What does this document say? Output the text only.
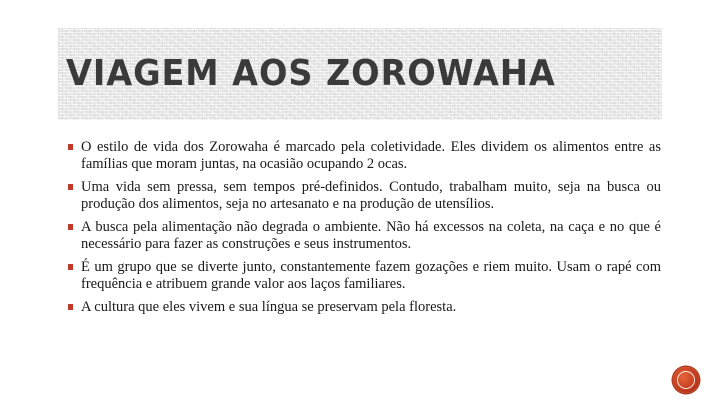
VIAGEM AOS ZOROWAHA
O estilo de vida dos Zorowaha é marcado pela coletividade. Eles dividem os alimentos entre as famílias que moram juntas, na ocasião ocupando 2 ocas.
Uma vida sem pressa, sem tempos pré-definidos. Contudo, trabalham muito, seja na busca ou produção dos alimentos, seja no artesanato e na produção de utensílios.
A busca pela alimentação não degrada o ambiente. Não há excessos na coleta, na caça e no que é necessário para fazer as construções e seus instrumentos.
É um grupo que se diverte junto, constantemente fazem gozações e riem muito. Usam o rapé com frequência e atribuem grande valor aos laços familiares.
A cultura que eles vivem e sua língua se preservam pela floresta.
